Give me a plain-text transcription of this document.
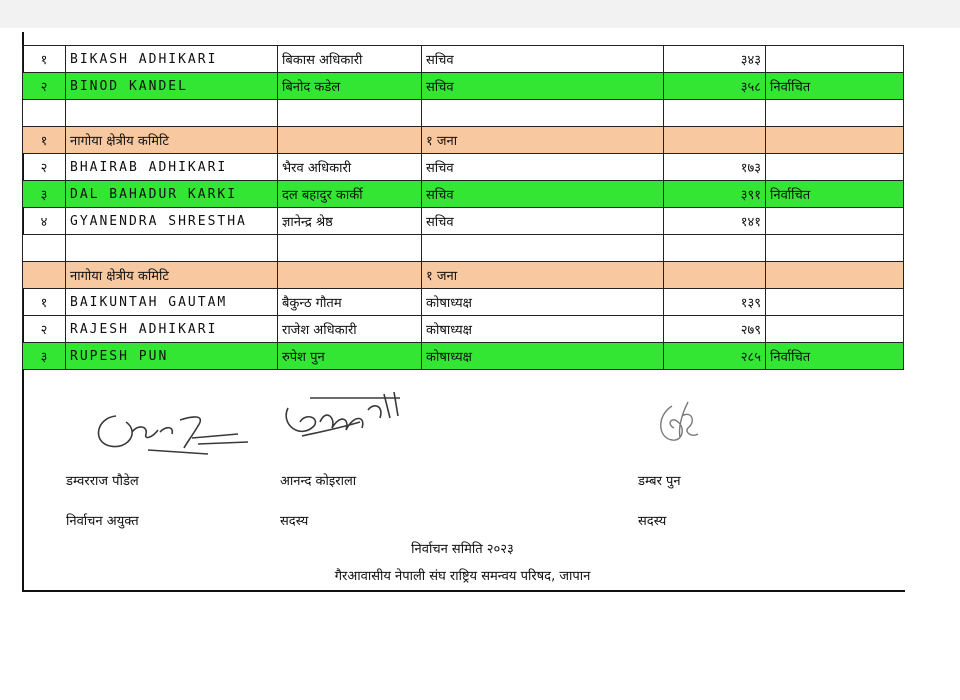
१	BIKASH ADHIKARI	बिकास अधिकारी	सचिव	३४३	
२	BINOD KANDEL	बिनोद कडेल	सचिव	३५८	निर्वाचित

१	नागोया क्षेत्रीय कमिटि		१ जना		
२	BHAIRAB ADHIKARI	भैरव अधिकारी	सचिव	१७३	
३	DAL BAHADUR KARKI	दल बहादुर कार्की	सचिव	३९१	निर्वाचित
४	GYANENDRA SHRESTHA	ज्ञानेन्द्र श्रेष्ठ	सचिव	१४१	

	नागोया क्षेत्रीय कमिटि		१ जना		
१	BAIKUNTAH GAUTAM	बैकुन्ठ गौतम	कोषाध्यक्ष	१३९	
२	RAJESH ADHIKARI	राजेश अधिकारी	कोषाध्यक्ष	२७९	
३	RUPESH PUN	रुपेश पुन	कोषाध्यक्ष	२८५	निर्वाचित
डम्वरराज पौडेल	आनन्द कोइराला	डम्बर पुन
निर्वाचन अयुक्त	सदस्य	सदस्य
निर्वाचन समिति २०२३
गैरआवासीय नेपाली संघ राष्ट्रिय समन्वय परिषद, जापान
